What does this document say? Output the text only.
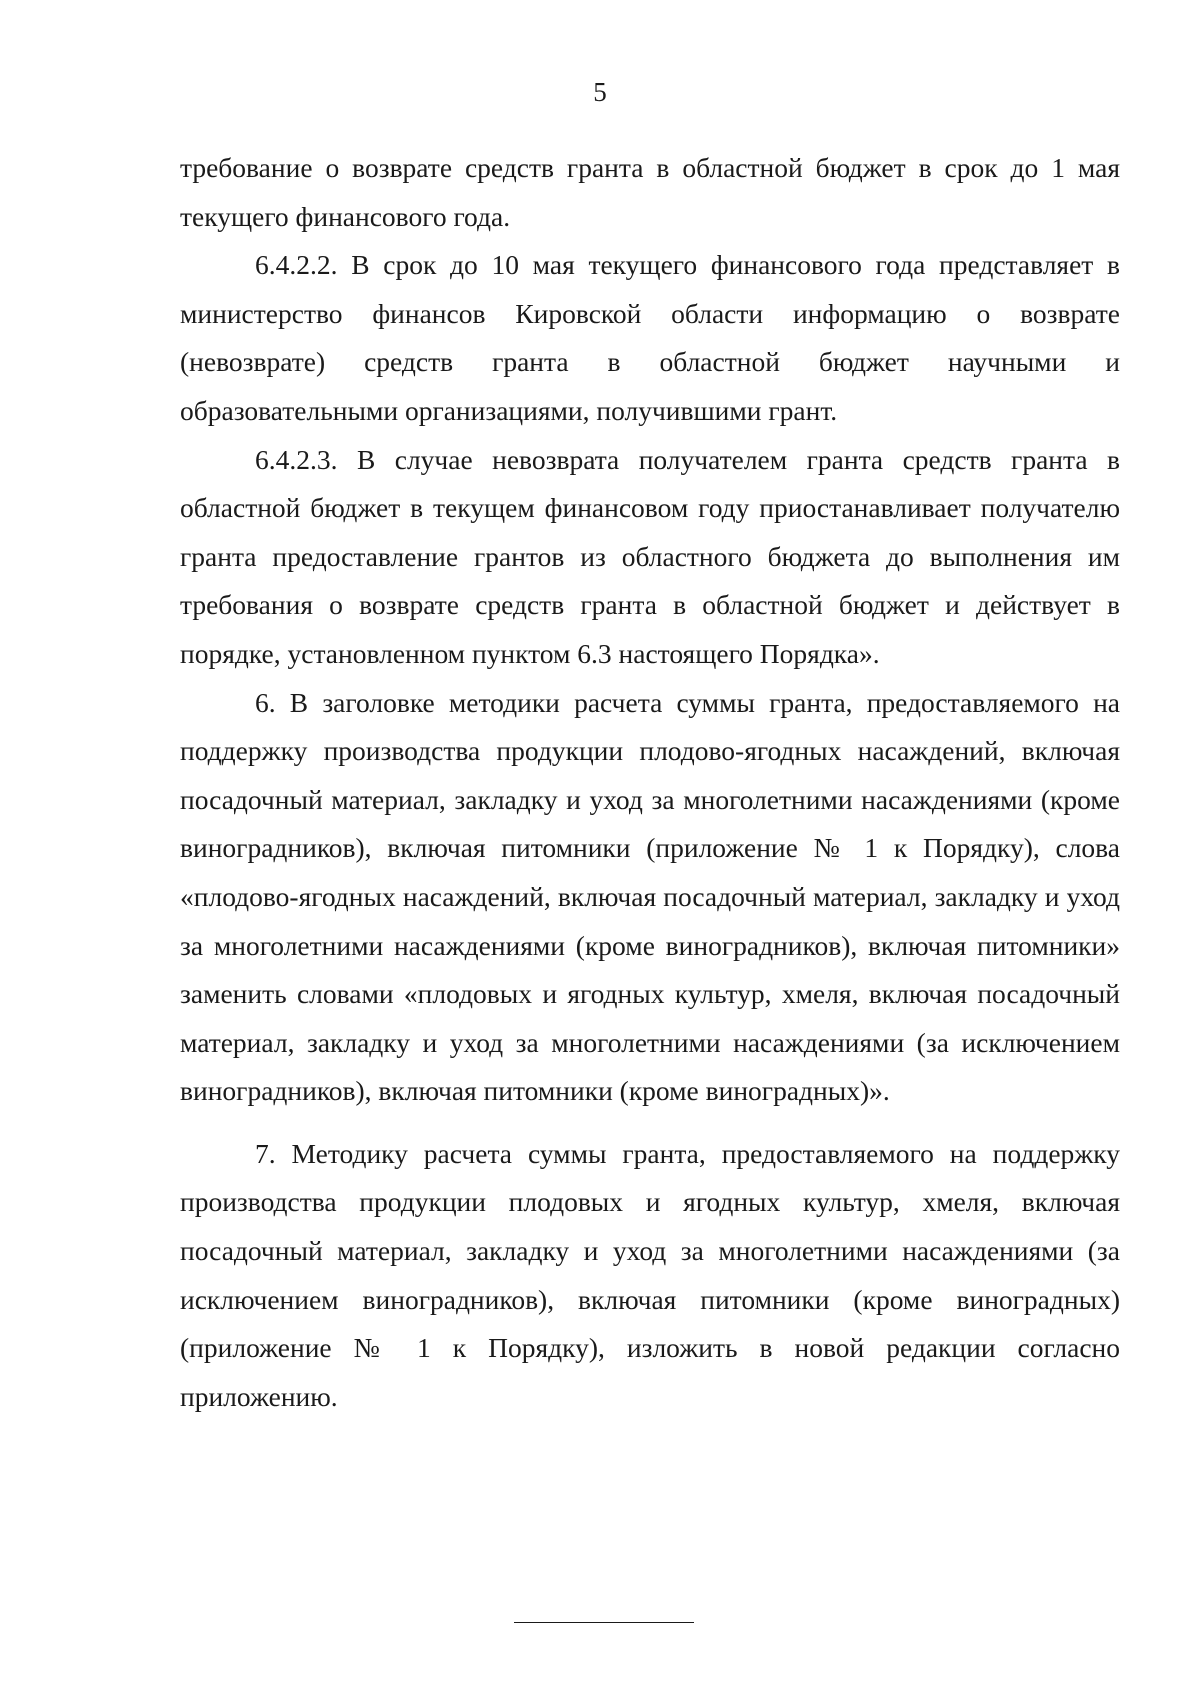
5

требование о возврате средств гранта в областной бюджет в срок до 1 мая текущего финансового года.

6.4.2.2. В срок до 10 мая текущего финансового года представляет в министерство финансов Кировской области информацию о возврате (невозврате) средств гранта в областной бюджет научными и образовательными организациями, получившими грант.

6.4.2.3. В случае невозврата получателем гранта средств гранта в областной бюджет в текущем финансовом году приостанавливает получателю гранта предоставление грантов из областного бюджета до выполнения им требования о возврате средств гранта в областной бюджет и действует в порядке, установленном пунктом 6.3 настоящего Порядка».

6. В заголовке методики расчета суммы гранта, предоставляемого на поддержку производства продукции плодово-ягодных насаждений, включая посадочный материал, закладку и уход за многолетними насаждениями (кроме виноградников), включая питомники (приложение № 1 к Порядку), слова «плодово-ягодных насаждений, включая посадочный материал, закладку и уход за многолетними насаждениями (кроме виноградников), включая питомники» заменить словами «плодовых и ягодных культур, хмеля, включая посадочный материал, закладку и уход за многолетними насаждениями (за исключением виноградников), включая питомники (кроме виноградных)».

7. Методику расчета суммы гранта, предоставляемого на поддержку производства продукции плодовых и ягодных культур, хмеля, включая посадочный материал, закладку и уход за многолетними насаждениями (за исключением виноградников), включая питомники (кроме виноградных) (приложение № 1 к Порядку), изложить в новой редакции согласно приложению.
